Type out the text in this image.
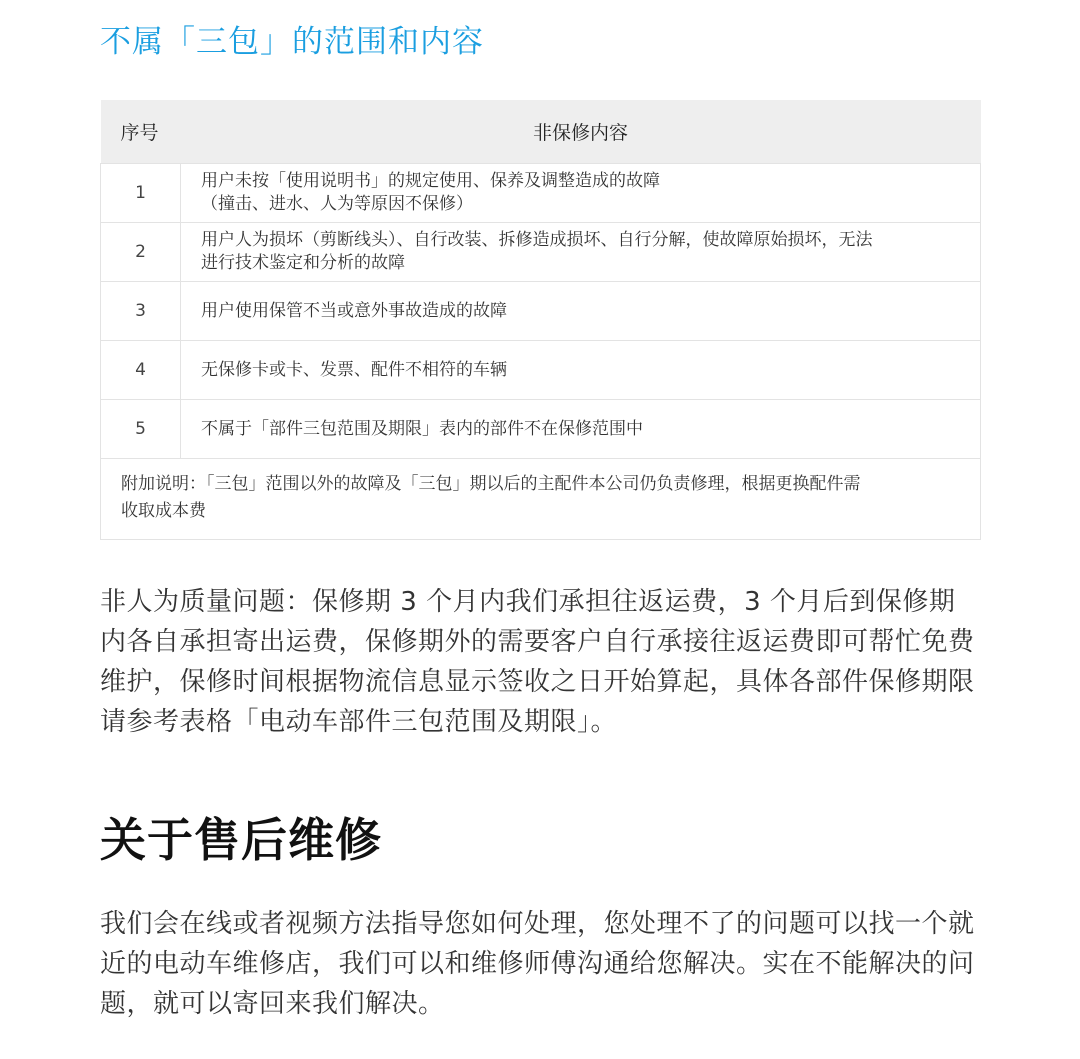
不属「三包」的范围和内容
序号	非保修内容
1	用户未按「使用说明书」的规定使用、保养及调整造成的故障
（撞击、进水、人为等原因不保修）

2	用户人为损坏（剪断线头）、自行改装、拆修造成损坏、自行分解，使故障原始损坏，无法
进行技术鉴定和分析的故障

3	用户使用保管不当或意外事故造成的故障

4	无保修卡或卡、发票、配件不相符的车辆

5	不属于「部件三包范围及期限」表内的部件不在保修范围中

附加说明：「三包」范围以外的故障及「三包」期以后的主配件本公司仍负责修理，根据更换配件需
收取成本费	

非人为质量问题：保修期 3 个月内我们承担往返运费，3 个月后到保修期内各自承担寄出运费，保修期外的需要客户自行承接往返运费即可帮忙免费维护，保修时间根据物流信息显示签收之日开始算起，具体各部件保修期限请参考表格「电动车部件三包范围及期限」。

关于售后维修

我们会在线或者视频方法指导您如何处理，您处理不了的问题可以找一个就近的电动车维修店，我们可以和维修师傅沟通给您解决。实在不能解决的问题，就可以寄回来我们解决。
